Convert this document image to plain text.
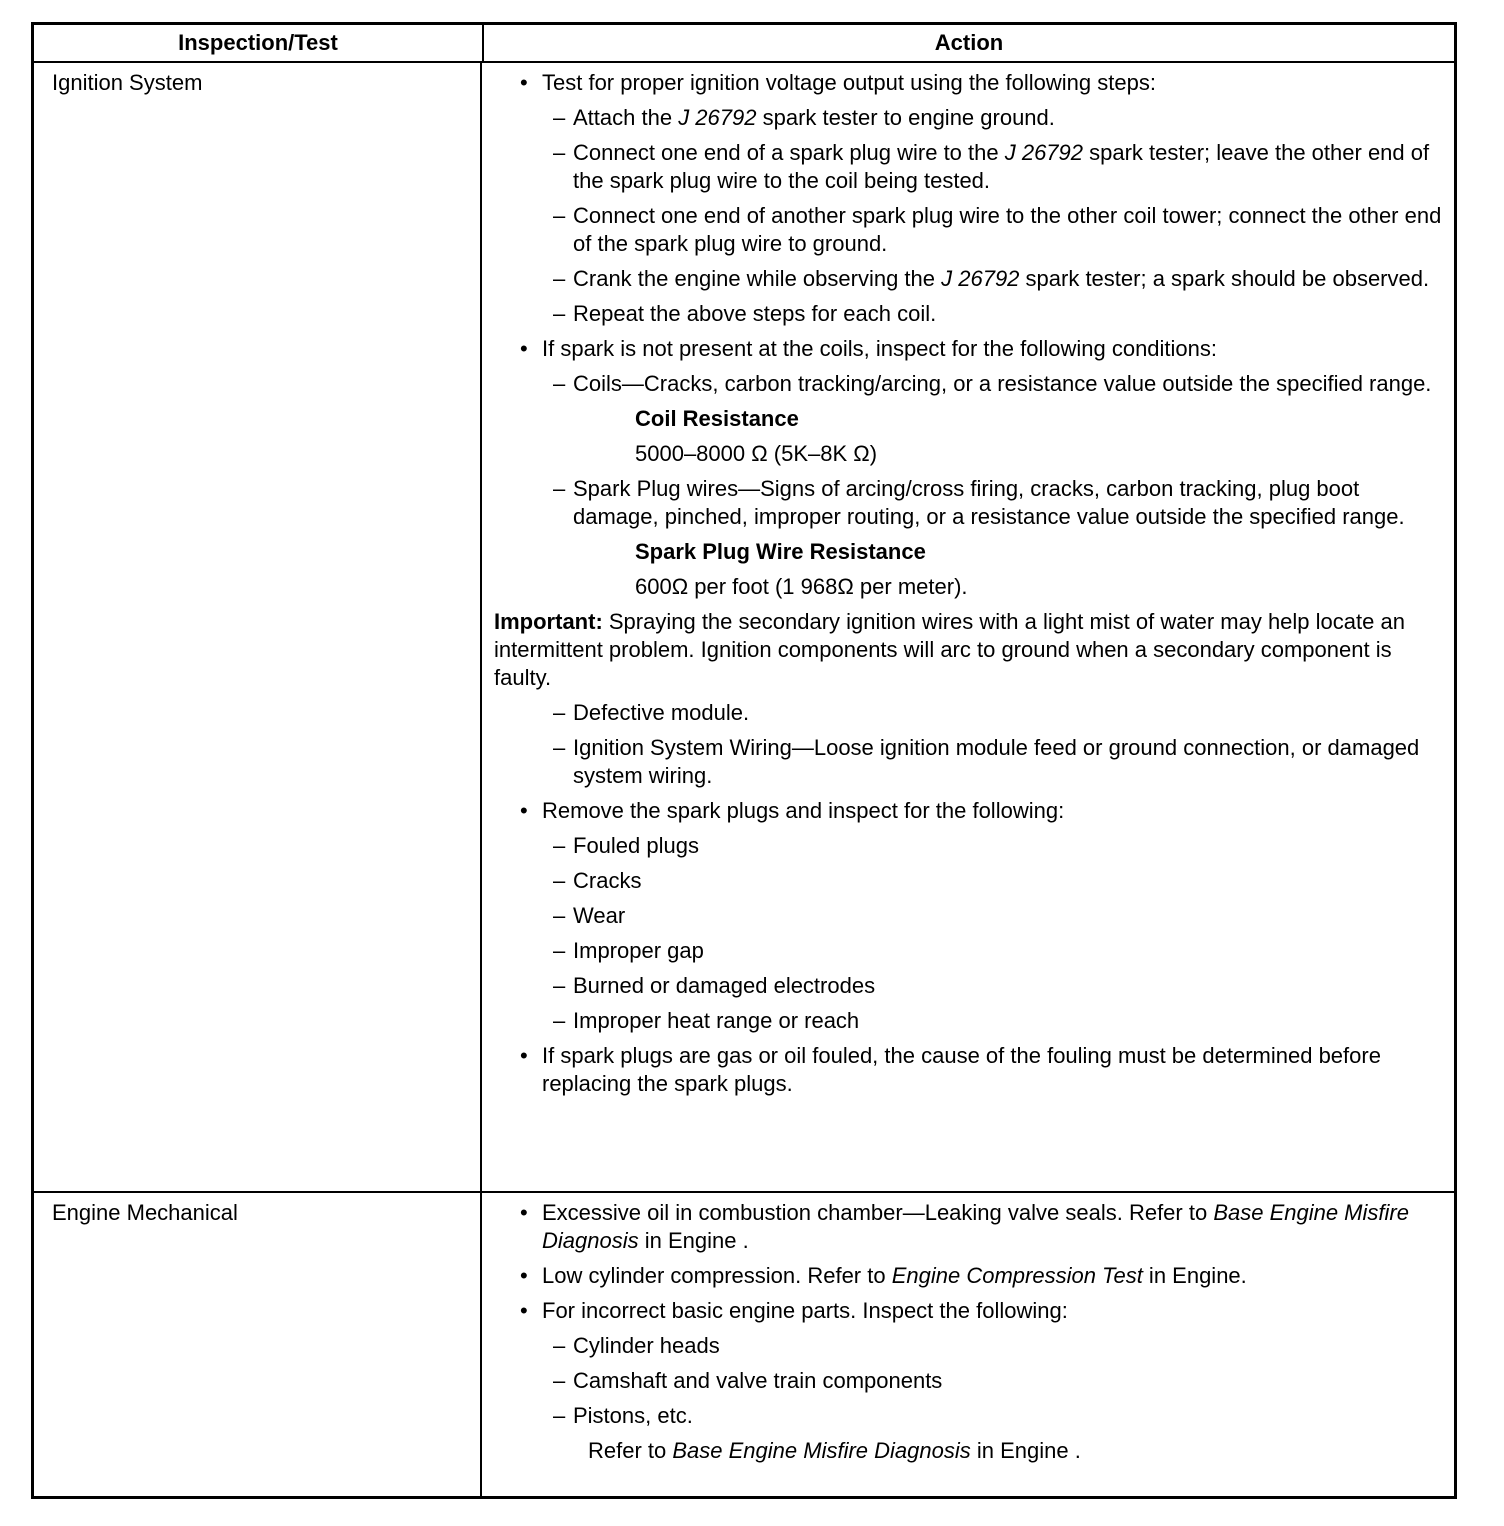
Inspection/Test	Action
Ignition System	• Test for proper ignition voltage output using the following steps:
– Attach the J 26792 spark tester to engine ground.
– Connect one end of a spark plug wire to the J 26792 spark tester; leave the other end of the spark plug wire to the coil being tested.
– Connect one end of another spark plug wire to the other coil tower; connect the other end of the spark plug wire to ground.
– Crank the engine while observing the J 26792 spark tester; a spark should be observed.
– Repeat the above steps for each coil.
• If spark is not present at the coils, inspect for the following conditions:
– Coils—Cracks, carbon tracking/arcing, or a resistance value outside the specified range.
Coil Resistance
5000–8000 Ω (5K–8K Ω)
– Spark Plug wires—Signs of arcing/cross firing, cracks, carbon tracking, plug boot damage, pinched, improper routing, or a resistance value outside the specified range.
Spark Plug Wire Resistance
600Ω per foot (1 968Ω per meter).
Important: Spraying the secondary ignition wires with a light mist of water may help locate an intermittent problem. Ignition components will arc to ground when a secondary component is faulty.
– Defective module.
– Ignition System Wiring—Loose ignition module feed or ground connection, or damaged system wiring.
• Remove the spark plugs and inspect for the following:
– Fouled plugs
– Cracks
– Wear
– Improper gap
– Burned or damaged electrodes
– Improper heat range or reach
• If spark plugs are gas or oil fouled, the cause of the fouling must be determined before replacing the spark plugs.
Engine Mechanical	• Excessive oil in combustion chamber—Leaking valve seals. Refer to Base Engine Misfire Diagnosis in Engine .
• Low cylinder compression. Refer to Engine Compression Test in Engine.
• For incorrect basic engine parts. Inspect the following:
– Cylinder heads
– Camshaft and valve train components
– Pistons, etc.
Refer to Base Engine Misfire Diagnosis in Engine .
